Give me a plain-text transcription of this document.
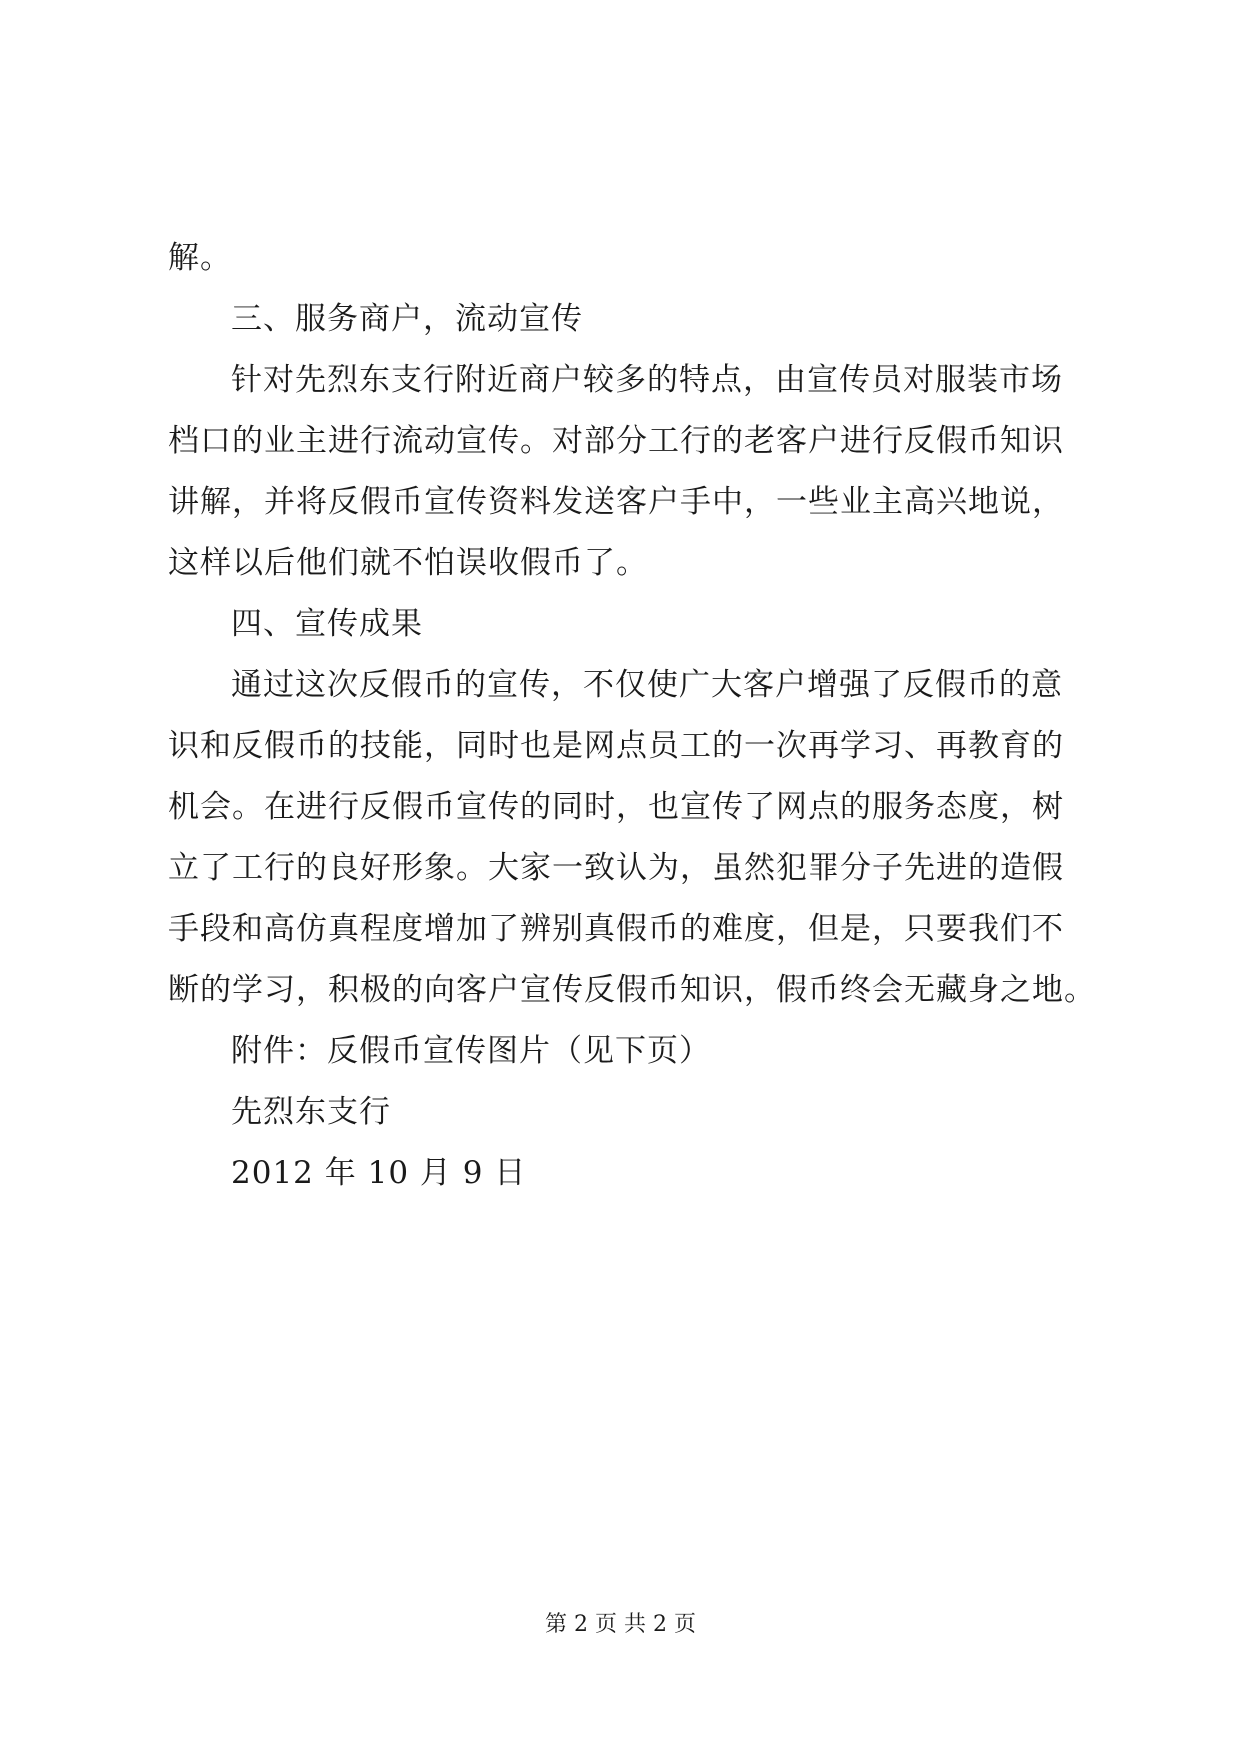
解。
三、服务商户，流动宣传
针对先烈东支行附近商户较多的特点，由宣传员对服装市场
档口的业主进行流动宣传。对部分工行的老客户进行反假币知识
讲解，并将反假币宣传资料发送客户手中，一些业主高兴地说，
这样以后他们就不怕误收假币了。
四、宣传成果
通过这次反假币的宣传，不仅使广大客户增强了反假币的意
识和反假币的技能，同时也是网点员工的一次再学习、再教育的
机会。在进行反假币宣传的同时，也宣传了网点的服务态度，树
立了工行的良好形象。大家一致认为，虽然犯罪分子先进的造假
手段和高仿真程度增加了辨别真假币的难度，但是，只要我们不
断的学习，积极的向客户宣传反假币知识，假币终会无藏身之地。
附件：反假币宣传图片（见下页）
先烈东支行
2012 年 10 月 9 日
第 2 页 共 2 页
